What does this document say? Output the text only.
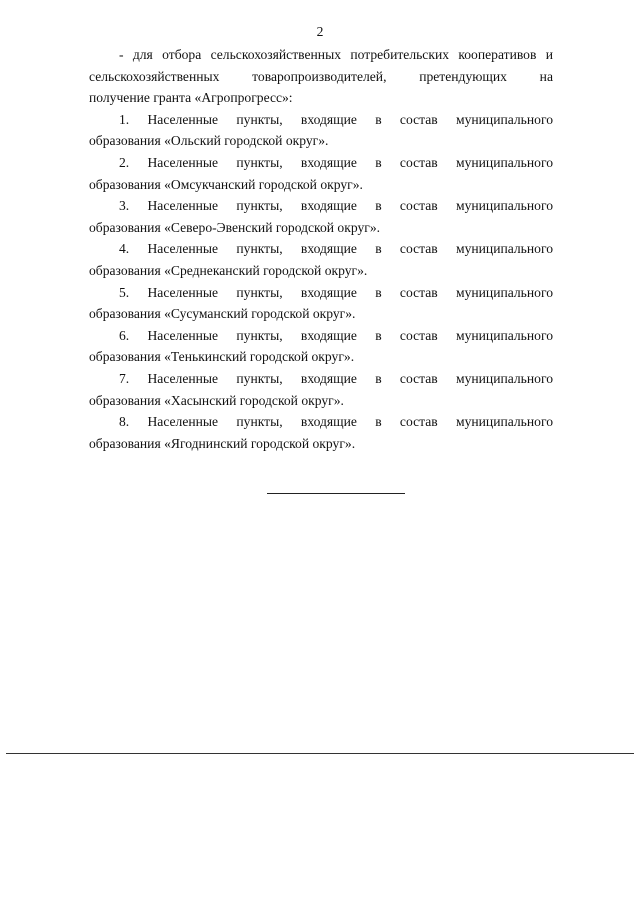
2
- для отбора сельскохозяйственных потребительских кооперативов и
сельскохозяйственных товаропроизводителей, претендующих на
получение гранта «Агропрогресс»:
1. Населенные пункты, входящие в состав муниципального
образования «Ольский городской округ».
2. Населенные пункты, входящие в состав муниципального
образования «Омсукчанский городской округ».
3. Населенные пункты, входящие в состав муниципального
образования «Северо-Эвенский городской округ».
4. Населенные пункты, входящие в состав муниципального
образования «Среднеканский городской округ».
5. Населенные пункты, входящие в состав муниципального
образования «Сусуманский городской округ».
6. Населенные пункты, входящие в состав муниципального
образования «Тенькинский городской округ».
7. Населенные пункты, входящие в состав муниципального
образования «Хасынский городской округ».
8. Населенные пункты, входящие в состав муниципального
образования «Ягоднинский городской округ».
